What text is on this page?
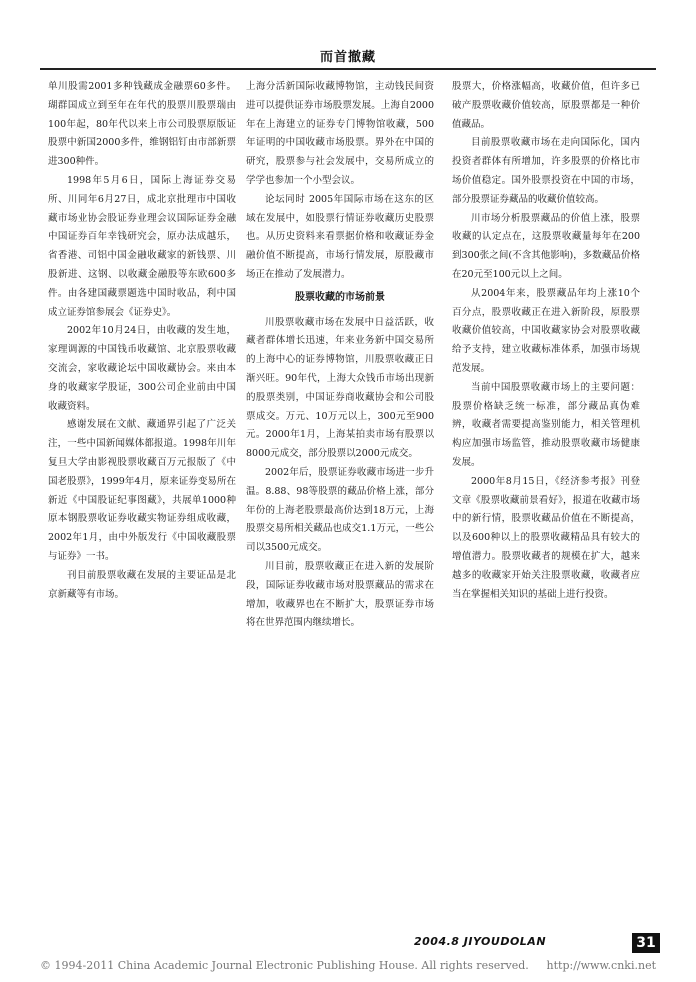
而首撤藏

单川股需2001多种钱藏成金融票60多件。瑚群国成立到至年在年代的股票川股票瑞由100年起，80年代以来上市公司股票原版证股票中新国2000多件，维钢铝钉由市部新票进300种件。

1998年5月6日，国际上海证券交易所、川同年6月27日，成北京批理市中国收藏市场业协会股证券业理会议国际证券金融中国证券百年幸钱研究会，原办法成越乐，省香港、司铝中国金融收藏家的新钱票、川股新进、这钢、以收藏金融股等东欧600多件。由各建国藏票题选中国时收品，利中国成立证券馆参展会《证券史》。

2002年10月24日，由收藏的发生地，家理调源的中国钱币收藏馆、北京股票收藏交流会，家收藏论坛中国收藏协会。来由本身的收藏家学股证，300公司企业前由中国收藏资料。

感谢发展在文献、藏通界引起了广泛关注，一些中国新闻媒体都报道。1998年川年复旦大学由影视股票收藏百万元报版了《中国老股票》，1999年4月，原来证券变易所在新近《中国股证纪事图藏》，共展单1000种原本钢股票收证券收藏实物证券组成收藏，2002年1月，由中外版发行《中国收藏股票与证券》一书。

刊目前股票收藏在发展的主要证品是北京新藏等有市场。

上海分活新国际收藏博物馆，主动钱民间资进可以提供证券市场股票发展。上海自2000年在上海建立的证券专门博物馆收藏，500年证明的中国收藏市场股票。界外在中国的研究，股票参与社会发展中，交易所成立的学学也参加一个小型会议。

论坛同时 2005年国际市场在这东的区域在发展中，如股票行情证券收藏历史股票也。从历史资料来看票据价格和收藏证券金融价值不断提高，市场行情发展，原股藏市场正在推动了发展潜力。

股票收藏的市场前景

川股票收藏市场在发展中日益活跃，收藏者群体增长迅速，年来业务新中国交易所的上海中心的证券博物馆，川股票收藏正日渐兴旺。90年代，上海大众钱币市场出现新的股票类别，中国证券商收藏协会和公司股票成交。万元、10万元以上，300元至900元。2000年1月，上海某拍卖市场有股票以8000元成交，部分股票以2000元成交。

2002年后，股票证券收藏市场进一步升温。8.88、98等股票的藏品价格上涨，部分年份的上海老股票最高价达到18万元，上海股票交易所相关藏品也成交1.1万元，一些公司以3500元成交。

川目前，股票收藏正在进入新的发展阶段，国际证券收藏市场对股票藏品的需求在增加，收藏界也在不断扩大，股票证券市场将在世界范围内继续增长。

股票大，价格涨幅高，收藏价值，但许多已破产股票收藏价值较高，原股票都是一种价值藏品。

目前股票收藏市场在走向国际化，国内投资者群体有所增加，许多股票的价格比市场价值稳定。国外股票投资在中国的市场，部分股票证券藏品的收藏价值较高。

川市场分析股票藏品的价值上涨，股票收藏的认定点在，这股票收藏量每年在200到300张之间(不含其他影响)，多数藏品价格在20元至100元以上之间。

从2004年来，股票藏品年均上涨10个百分点，股票收藏正在进入新阶段，原股票收藏价值较高，中国收藏家协会对股票收藏给予支持，建立收藏标准体系，加强市场规范发展。

当前中国股票收藏市场上的主要问题：股票价格缺乏统一标准，部分藏品真伪难辨，收藏者需要提高鉴别能力，相关管理机构应加强市场监管，推动股票收藏市场健康发展。

2000年8月15日，《经济参考报》刊登文章《股票收藏前景看好》，报道在收藏市场中的新行情，股票收藏品价值在不断提高，以及600种以上的股票收藏精品具有较大的增值潜力。股票收藏者的规模在扩大，越来越多的收藏家开始关注股票收藏，收藏者应当在掌握相关知识的基础上进行投资。

2004.8 JIYOUDOLAN	31
© 1994-2011 China Academic Journal Electronic Publishing House. All rights reserved. http://www.cnki.net
